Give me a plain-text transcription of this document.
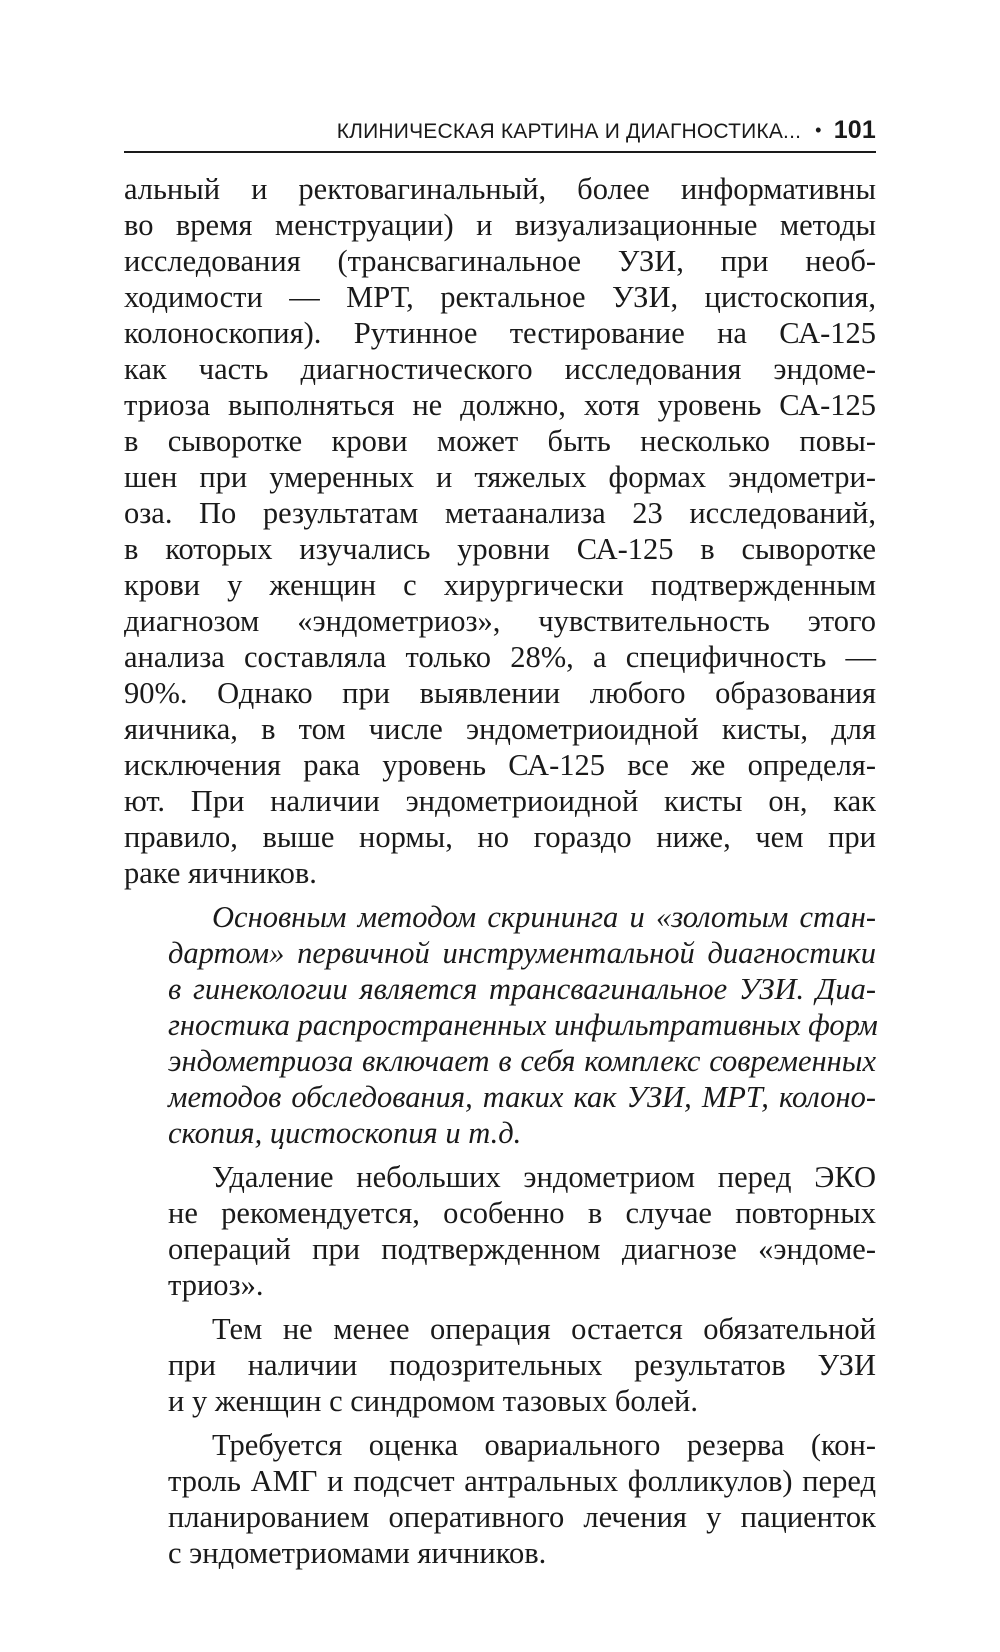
КЛИНИЧЕСКАЯ КАРТИНА И ДИАГНОСТИКА... • 101

альный и ректовагинальный, более информативны
во время менструации) и визуализационные методы
исследования (трансвагинальное УЗИ, при необ-
ходимости — МРТ, ректальное УЗИ, цистоскопия,
колоноскопия). Рутинное тестирование на СА-125
как часть диагностического исследования эндоме-
триоза выполняться не должно, хотя уровень СА-125
в сыворотке крови может быть несколько повы-
шен при умеренных и тяжелых формах эндометри-
оза. По результатам метаанализа 23 исследований,
в которых изучались уровни СА-125 в сыворотке
крови у женщин с хирургически подтвержденным
диагнозом «эндометриоз», чувствительность этого
анализа составляла только 28%, а специфичность —
90%. Однако при выявлении любого образования
яичника, в том числе эндометриоидной кисты, для
исключения рака уровень СА-125 все же определя-
ют. При наличии эндометриоидной кисты он, как
правило, выше нормы, но гораздо ниже, чем при
раке яичников.

Основным методом скрининга и «золотым стан-
дартом» первичной инструментальной диагностики
в гинекологии является трансвагинальное УЗИ. Диа-
гностика распространенных инфильтративных форм
эндометриоза включает в себя комплекс современных
методов обследования, таких как УЗИ, МРТ, колоно-
скопия, цистоскопия и т.д.

Удаление небольших эндометриом перед ЭКО
не рекомендуется, особенно в случае повторных
операций при подтвержденном диагнозе «эндоме-
триоз».

Тем не менее операция остается обязательной
при наличии подозрительных результатов УЗИ
и у женщин с синдромом тазовых болей.

Требуется оценка овариального резерва (кон-
троль АМГ и подсчет антральных фолликулов) перед
планированием оперативного лечения у пациенток
с эндометриомами яичников.
